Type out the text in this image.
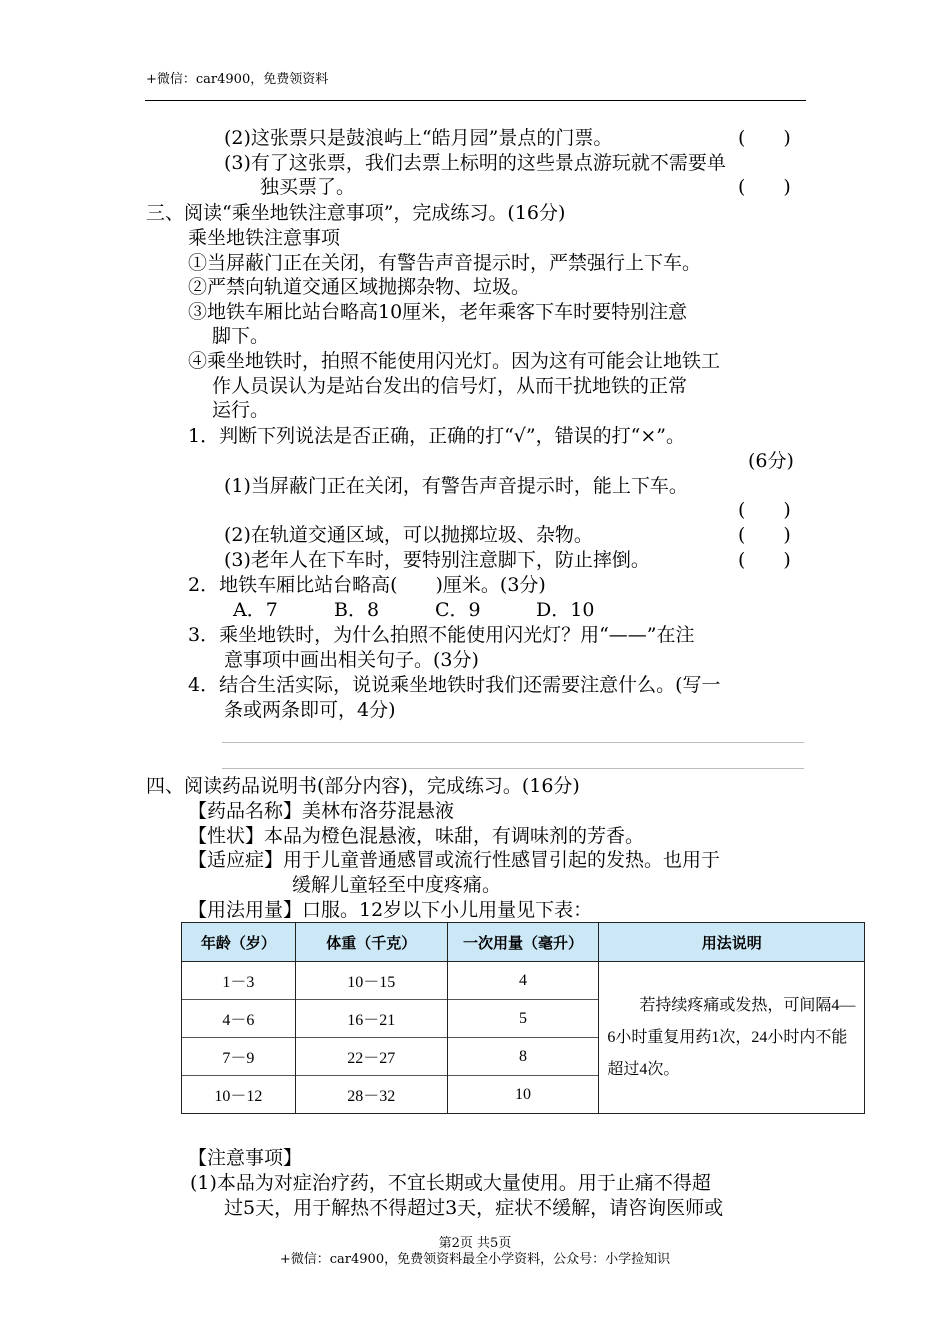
+微信：car4900，免费领资料
(2)这张票只是鼓浪屿上“皓月园”景点的门票。	(　　)
(3)有了这张票，我们去票上标明的这些景点游玩就不需要单
独买票了。	(　　)
三、阅读“乘坐地铁注意事项”，完成练习。(16分)
乘坐地铁注意事项
①当屏蔽门正在关闭，有警告声音提示时，严禁强行上下车。
②严禁向轨道交通区域抛掷杂物、垃圾。
③地铁车厢比站台略高10厘米，老年乘客下车时要特别注意
脚下。
④乘坐地铁时，拍照不能使用闪光灯。因为这有可能会让地铁工
作人员误认为是站台发出的信号灯，从而干扰地铁的正常
运行。
1．判断下列说法是否正确，正确的打“√”，错误的打“×”。
(6分)
(1)当屏蔽门正在关闭，有警告声音提示时，能上下车。
(　　)
(2)在轨道交通区域，可以抛掷垃圾、杂物。	(　　)
(3)老年人在下车时，要特别注意脚下，防止摔倒。	(　　)
2．地铁车厢比站台略高(　　)厘米。(3分)
A．7	B．8	C．9	D．10
3．乘坐地铁时，为什么拍照不能使用闪光灯？用“——”在注
意事项中画出相关句子。(3分)
4．结合生活实际，说说乘坐地铁时我们还需要注意什么。(写一
条或两条即可，4分)
四、阅读药品说明书(部分内容)，完成练习。(16分)
【药品名称】美林布洛芬混悬液
【性状】本品为橙色混悬液，味甜，有调味剂的芳香。
【适应症】用于儿童普通感冒或流行性感冒引起的发热。也用于
缓解儿童轻至中度疼痛。
【用法用量】口服。12岁以下小儿用量见下表：
年龄（岁）	体重（千克）	一次用量（毫升）	用法说明
1－3	10－15	4	　　若持续疼痛或发热，可间隔4—6小时重复用药1次，24小时内不能超过4次。
4－6	16－21	5	
7－9	22－27	8	
10－12	28－32	10	
【注意事项】
(1)本品为对症治疗药，不宜长期或大量使用。用于止痛不得超
过5天，用于解热不得超过3天，症状不缓解，请咨询医师或
第2页 共5页
+微信：car4900，免费领资料最全小学资料，公众号：小学捡知识
